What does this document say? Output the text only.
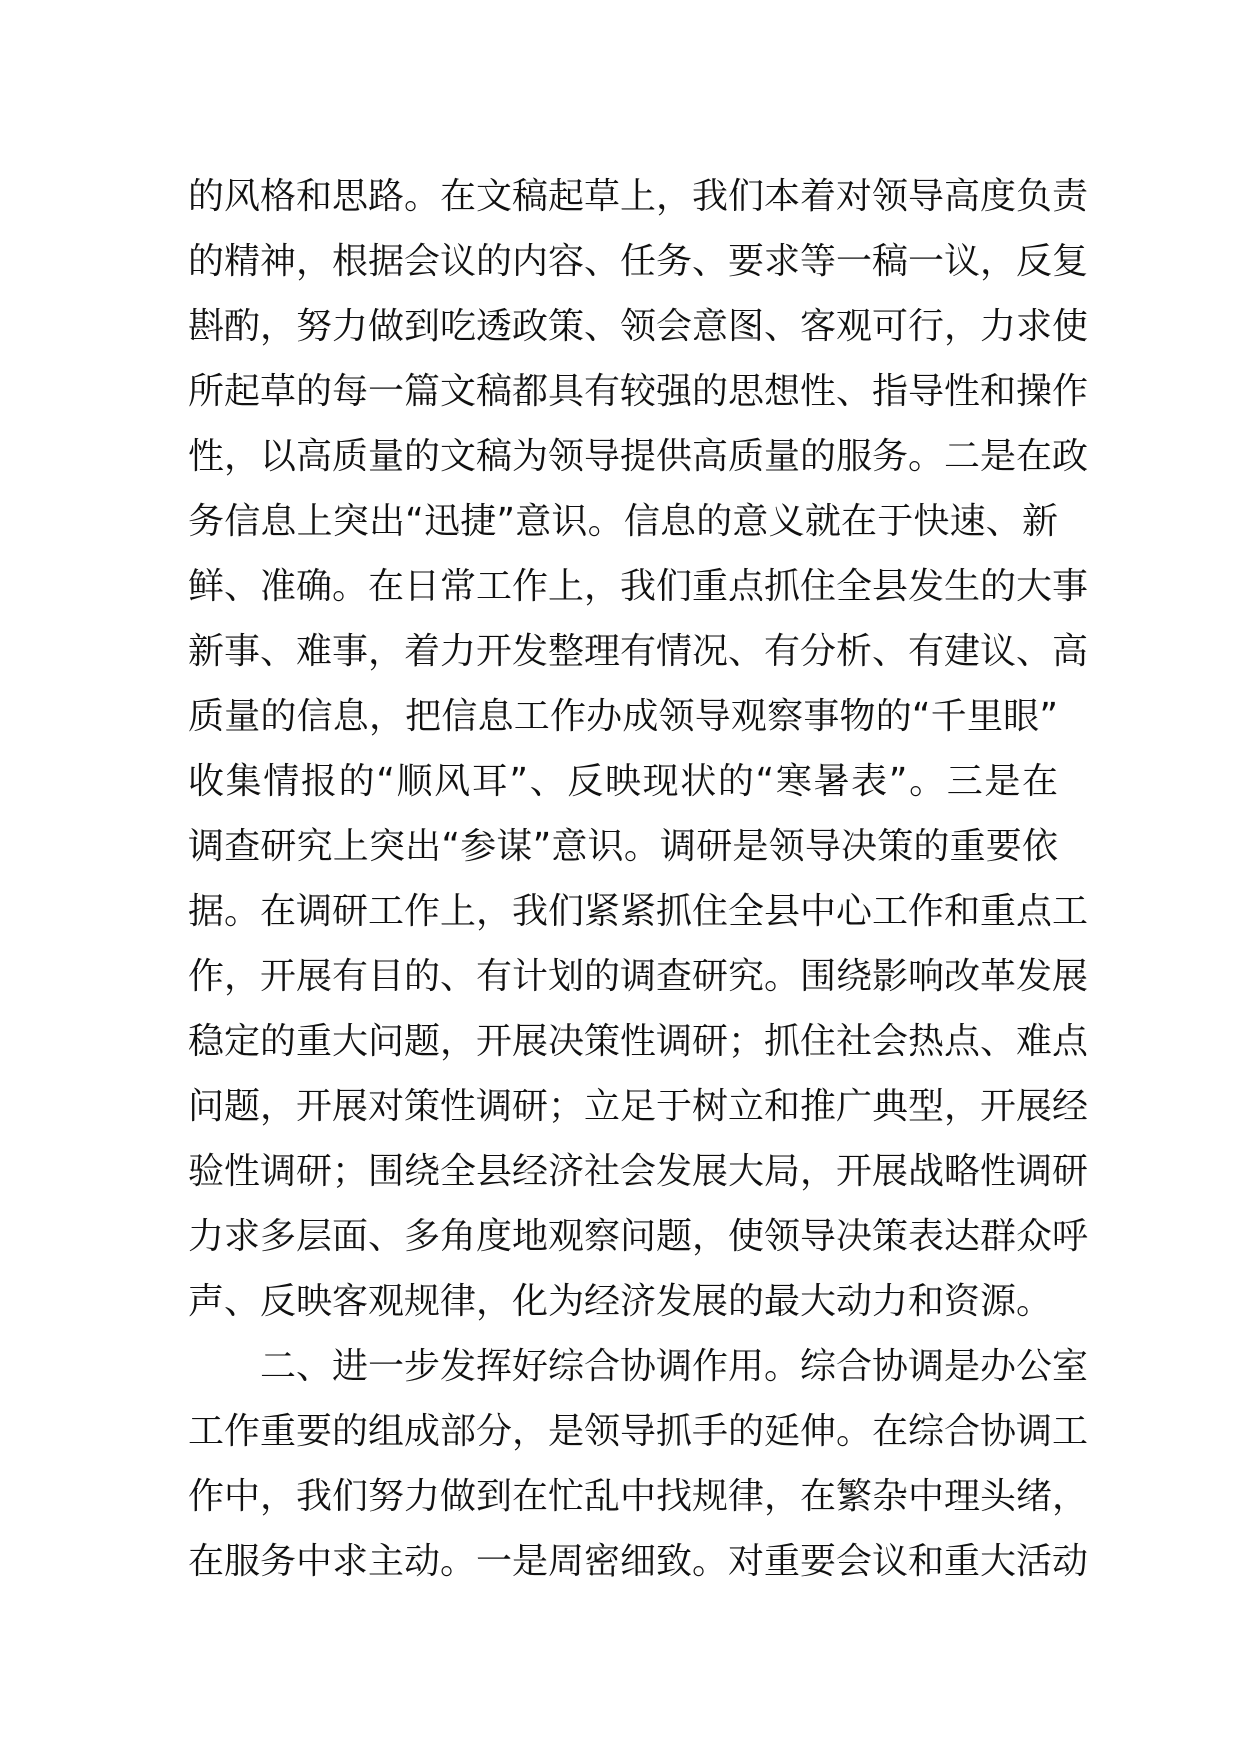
的风格和思路。在文稿起草上，我们本着对领导高度负责
的精神，根据会议的内容、任务、要求等一稿一议，反复
斟酌，努力做到吃透政策、领会意图、客观可行，力求使
所起草的每一篇文稿都具有较强的思想性、指导性和操作
性，以高质量的文稿为领导提供高质量的服务。二是在政
务信息上突出“迅捷”意识。信息的意义就在于快速、新
鲜、准确。在日常工作上，我们重点抓住全县发生的大事
新事、难事，着力开发整理有情况、有分析、有建议、高
质量的信息，把信息工作办成领导观察事物的“千里眼”
收集情报的“顺风耳”、反映现状的“寒暑表”。三是在
调查研究上突出“参谋”意识。调研是领导决策的重要依
据。在调研工作上，我们紧紧抓住全县中心工作和重点工
作，开展有目的、有计划的调查研究。围绕影响改革发展
稳定的重大问题，开展决策性调研；抓住社会热点、难点
问题，开展对策性调研；立足于树立和推广典型，开展经
验性调研；围绕全县经济社会发展大局，开展战略性调研
力求多层面、多角度地观察问题，使领导决策表达群众呼
声、反映客观规律，化为经济发展的最大动力和资源。
二、进一步发挥好综合协调作用。综合协调是办公室
工作重要的组成部分，是领导抓手的延伸。在综合协调工
作中，我们努力做到在忙乱中找规律，在繁杂中理头绪，
在服务中求主动。一是周密细致。对重要会议和重大活动
